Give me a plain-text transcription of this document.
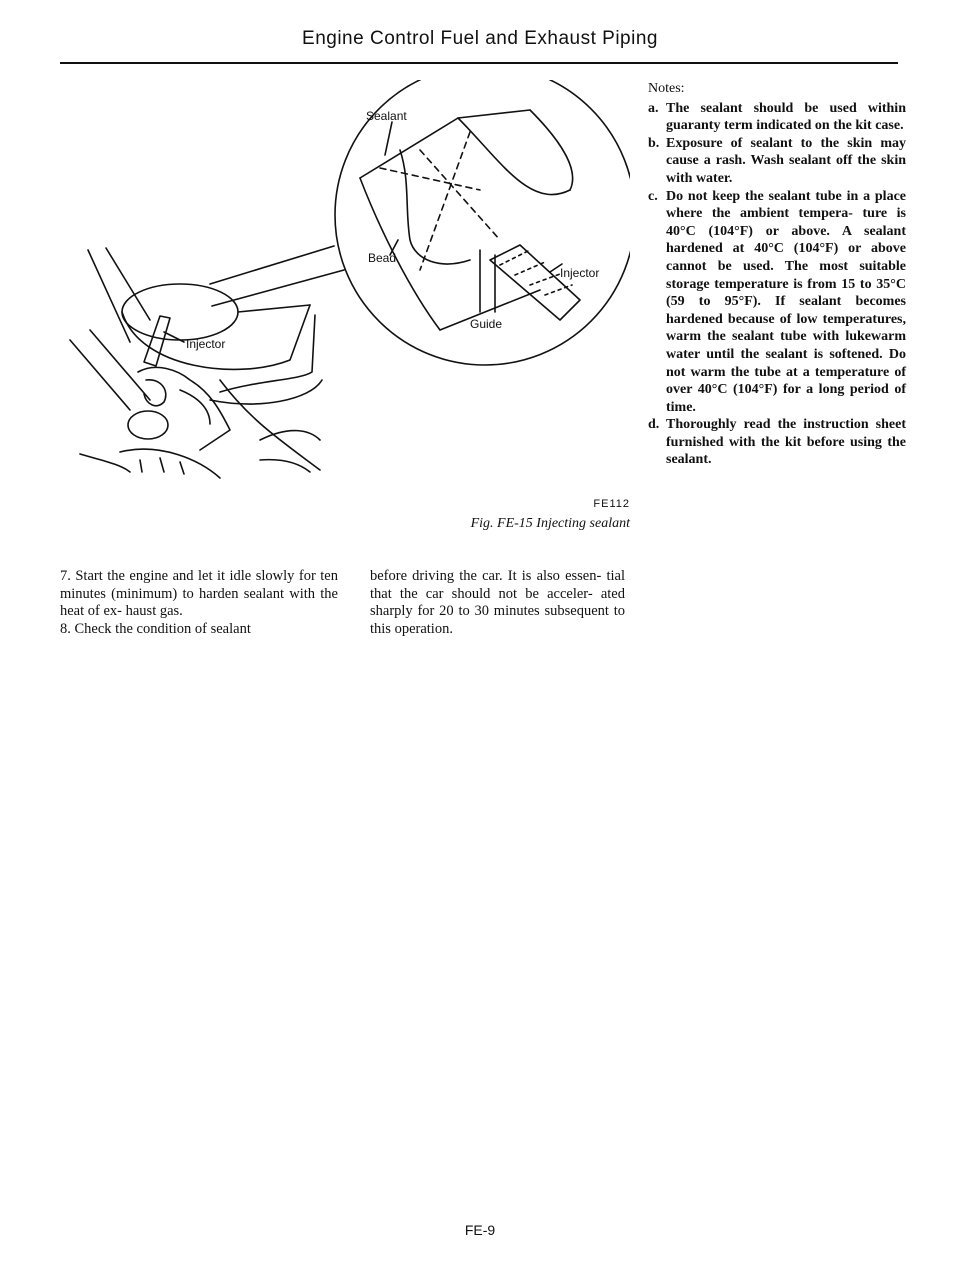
Engine Control Fuel and Exhaust Piping
Sealant
Bead
Injector
Guide
Injector
FE112
Fig. FE-15 Injecting sealant

7. Start the engine and let it idle slowly for ten minutes (minimum) to harden sealant with the heat of ex- haust gas.

8. Check the condition of sealant

before driving the car. It is also essen- tial that the car should not be acceler- ated sharply for 20 to 30 minutes subsequent to this operation.

Notes:

a. The sealant should be used within guaranty term indicated on the kit case.
b. Exposure of sealant to the skin may cause a rash. Wash sealant off the skin with water.
c. Do not keep the sealant tube in a place where the ambient tempera- ture is 40°C (104°F) or above. A sealant hardened at 40°C (104°F) or above cannot be used. The most suitable storage temperature is from 15 to 35°C (59 to 95°F). If sealant becomes hardened because of low temperatures, warm the sealant tube with lukewarm water until the sealant is softened. Do not warm the tube at a temperature of over 40°C (104°F) for a long period of time.
d. Thoroughly read the instruction sheet furnished with the kit before using the sealant.
FE-9
